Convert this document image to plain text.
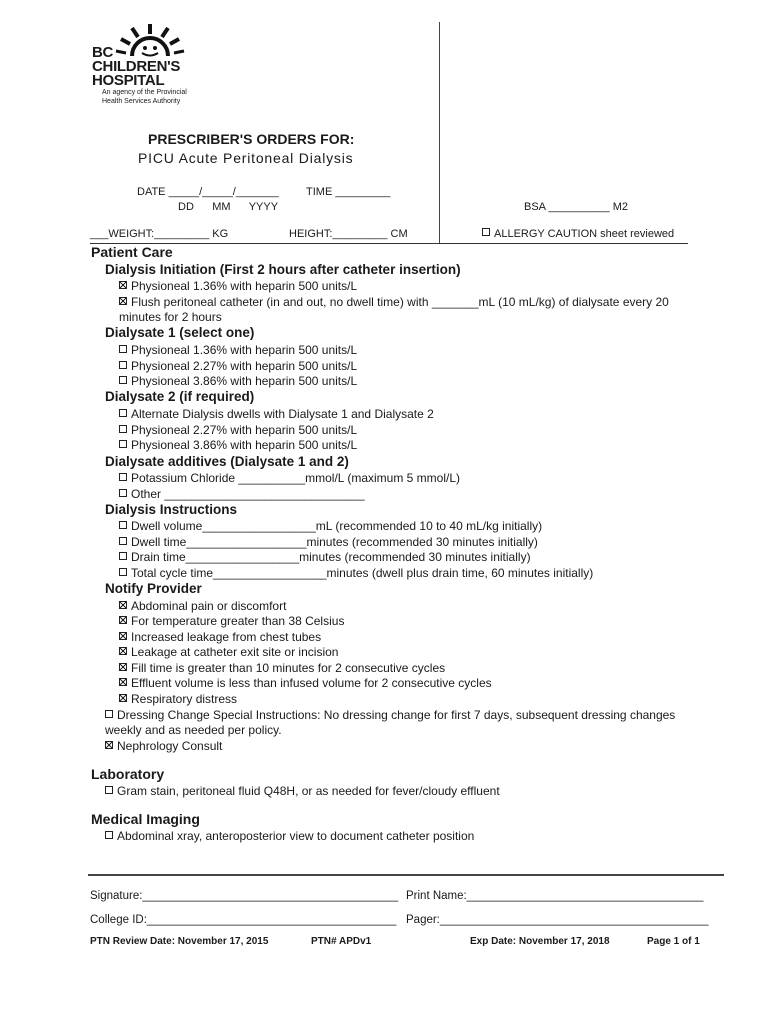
BC CHILDREN'S HOSPITAL
An agency of the Provincial
Health Services Authority
PRESCRIBER'S ORDERS FOR:
PICU Acute Peritoneal Dialysis
DATE _____/_____/_______
DD      MM      YYYY
TIME _________
BSA __________ M2
___WEIGHT:_________ KG	HEIGHT:_________ CM	ALLERGY CAUTION sheet reviewed
Patient Care
Dialysis Initiation (First 2 hours after catheter insertion)
Physioneal 1.36% with heparin 500 units/L
Flush peritoneal catheter (in and out, no dwell time) with _______mL (10 mL/kg) of dialysate every 20
minutes for 2 hours
Dialysate 1 (select one)
Physioneal 1.36% with heparin 500 units/L
Physioneal 2.27% with heparin 500 units/L
Physioneal 3.86% with heparin 500 units/L
Dialysate 2 (if required)
Alternate Dialysis dwells with Dialysate 1 and Dialysate 2
Physioneal 2.27% with heparin 500 units/L
Physioneal 3.86% with heparin 500 units/L
Dialysate additives (Dialysate 1 and 2)
Potassium Chloride __________mmol/L (maximum 5 mmol/L)
Other ______________________________
Dialysis Instructions
Dwell volume_________________mL (recommended 10 to 40 mL/kg initially)
Dwell time__________________minutes (recommended 30 minutes initially)
Drain time_________________minutes (recommended 30 minutes initially)
Total cycle time_________________minutes (dwell plus drain time, 60 minutes initially)
Notify Provider
Abdominal pain or discomfort
For temperature greater than 38 Celsius
Increased leakage from chest tubes
Leakage at catheter exit site or incision
Fill time is greater than 10 minutes for 2 consecutive cycles
Effluent volume is less than infused volume for 2 consecutive cycles
Respiratory distress
Dressing Change Special Instructions: No dressing change for first 7 days, subsequent dressing changes
weekly and as needed per policy.
Nephrology Consult
Laboratory
Gram stain, peritoneal fluid Q48H, or as needed for fever/cloudy effluent
Medical Imaging
Abdominal xray, anteroposterior view to document catheter position
Signature:________________________________________ Print Name:_____________________________________
College ID:_______________________________________ Pager:__________________________________________
PTN Review Date: November 17, 2015	PTN# APDv1	Exp Date: November 17, 2018	Page 1 of 1
